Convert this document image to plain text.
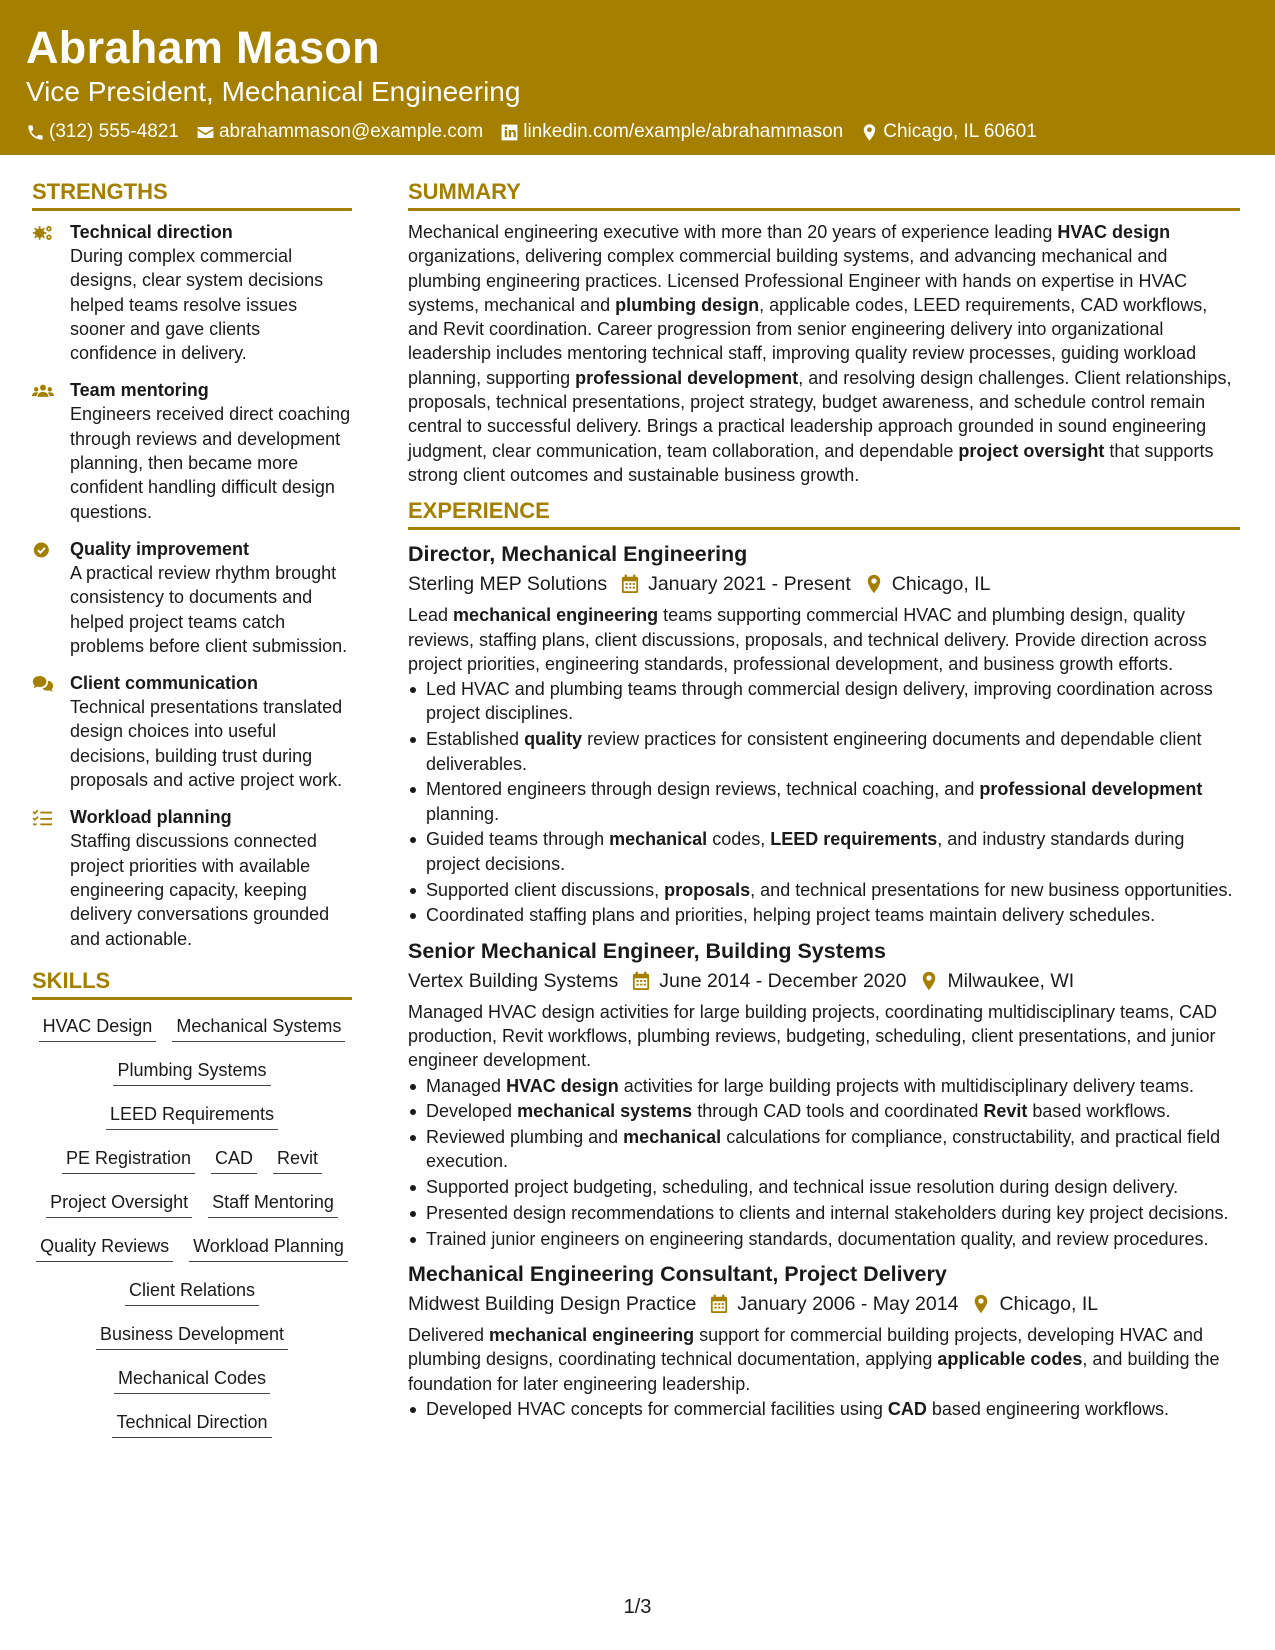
Abraham Mason
Vice President, Mechanical Engineering
(312) 555-4821 abrahammason@example.com linkedin.com/example/abrahammason Chicago, IL 60601
STRENGTHS
Technical direction
During complex commercial designs, clear system decisions helped teams resolve issues sooner and gave clients confidence in delivery.
Team mentoring
Engineers received direct coaching through reviews and development planning, then became more confident handling difficult design questions.
Quality improvement
A practical review rhythm brought consistency to documents and helped project teams catch problems before client submission.
Client communication
Technical presentations translated design choices into useful decisions, building trust during proposals and active project work.
Workload planning
Staffing discussions connected project priorities with available engineering capacity, keeping delivery conversations grounded and actionable.
SKILLS
HVAC Design Mechanical Systems
Plumbing Systems
LEED Requirements
PE Registration CAD Revit
Project Oversight Staff Mentoring
Quality Reviews Workload Planning
Client Relations
Business Development
Mechanical Codes
Technical Direction
SUMMARY

Mechanical engineering executive with more than 20 years of experience leading HVAC design organizations, delivering complex commercial building systems, and advancing mechanical and plumbing engineering practices. Licensed Professional Engineer with hands on expertise in HVAC systems, mechanical and plumbing design, applicable codes, LEED requirements, CAD workflows, and Revit coordination. Career progression from senior engineering delivery into organizational leadership includes mentoring technical staff, improving quality review processes, guiding workload planning, supporting professional development, and resolving design challenges. Client relationships, proposals, technical presentations, project strategy, budget awareness, and schedule control remain central to successful delivery. Brings a practical leadership approach grounded in sound engineering judgment, clear communication, team collaboration, and dependable project oversight that supports strong client outcomes and sustainable business growth.

EXPERIENCE
Director, Mechanical Engineering
Sterling MEP Solutions January 2021 - Present Chicago, IL

Lead mechanical engineering teams supporting commercial HVAC and plumbing design, quality reviews, staffing plans, client discussions, proposals, and technical delivery. Provide direction across project priorities, engineering standards, professional development, and business growth efforts.

Led HVAC and plumbing teams through commercial design delivery, improving coordination across project disciplines.
Established quality review practices for consistent engineering documents and dependable client deliverables.
Mentored engineers through design reviews, technical coaching, and professional development planning.
Guided teams through mechanical codes, LEED requirements, and industry standards during project decisions.
Supported client discussions, proposals, and technical presentations for new business opportunities.
Coordinated staffing plans and priorities, helping project teams maintain delivery schedules.
Senior Mechanical Engineer, Building Systems
Vertex Building Systems June 2014 - December 2020 Milwaukee, WI

Managed HVAC design activities for large building projects, coordinating multidisciplinary teams, CAD production, Revit workflows, plumbing reviews, budgeting, scheduling, client presentations, and junior engineer development.

Managed HVAC design activities for large building projects with multidisciplinary delivery teams.
Developed mechanical systems through CAD tools and coordinated Revit based workflows.
Reviewed plumbing and mechanical calculations for compliance, constructability, and practical field execution.
Supported project budgeting, scheduling, and technical issue resolution during design delivery.
Presented design recommendations to clients and internal stakeholders during key project decisions.
Trained junior engineers on engineering standards, documentation quality, and review procedures.
Mechanical Engineering Consultant, Project Delivery
Midwest Building Design Practice January 2006 - May 2014 Chicago, IL

Delivered mechanical engineering support for commercial building projects, developing HVAC and plumbing designs, coordinating technical documentation, applying applicable codes, and building the foundation for later engineering leadership.

Developed HVAC concepts for commercial facilities using CAD based engineering workflows.
1/3
